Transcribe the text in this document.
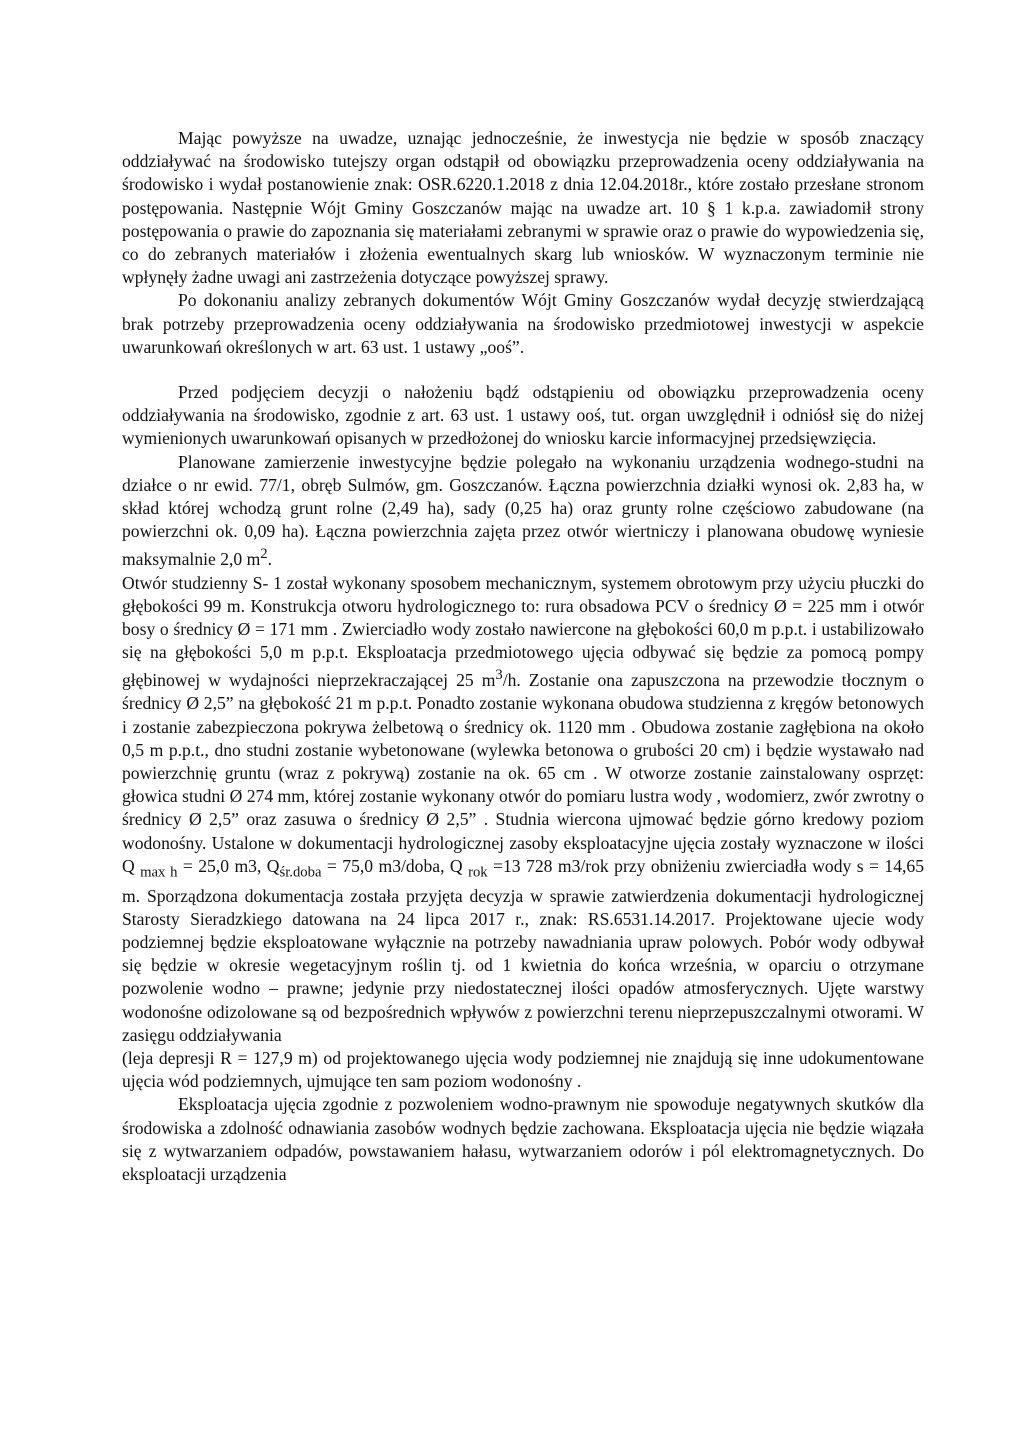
Mając powyższe na uwadze, uznając jednocześnie, że inwestycja nie będzie w sposób znaczący oddziaływać na środowisko tutejszy organ odstąpił od obowiązku przeprowadzenia oceny oddziaływania na środowisko i wydał postanowienie znak: OSR.6220.1.2018 z dnia 12.04.2018r., które zostało przesłane stronom postępowania. Następnie Wójt Gminy Goszczanów mając na uwadze art. 10 § 1 k.p.a. zawiadomił strony postępowania o prawie do zapoznania się materiałami zebranymi w sprawie oraz o prawie do wypowiedzenia się, co do zebranych materiałów i złożenia ewentualnych skarg lub wniosków. W wyznaczonym terminie nie wpłynęły żadne uwagi ani zastrzeżenia dotyczące powyższej sprawy.

Po dokonaniu analizy zebranych dokumentów Wójt Gminy Goszczanów wydał decyzję stwierdzającą brak potrzeby przeprowadzenia oceny oddziaływania na środowisko przedmiotowej inwestycji w aspekcie uwarunkowań określonych w art. 63 ust. 1 ustawy „ooś”.

Przed podjęciem decyzji o nałożeniu bądź odstąpieniu od obowiązku przeprowadzenia oceny oddziaływania na środowisko, zgodnie z art. 63 ust. 1 ustawy ooś, tut. organ uwzględnił i odniósł się do niżej wymienionych uwarunkowań opisanych w przedłożonej do wniosku karcie informacyjnej przedsięwzięcia.

Planowane zamierzenie inwestycyjne będzie polegało na wykonaniu urządzenia wodnego-studni na działce o nr ewid. 77/1, obręb Sulmów, gm. Goszczanów. Łączna powierzchnia działki wynosi ok. 2,83 ha, w skład której wchodzą grunt rolne (2,49 ha), sady (0,25 ha) oraz grunty rolne częściowo zabudowane (na powierzchni ok. 0,09 ha). Łączna powierzchnia zajęta przez otwór wiertniczy i planowana obudowę wyniesie maksymalnie 2,0 $m^2$.

Otwór studzienny S- 1 został wykonany sposobem mechanicznym, systemem obrotowym przy użyciu płuczki do głębokości 99 m. Konstrukcja otworu hydrologicznego to: rura obsadowa PCV o średnicy Ø = 225 mm i otwór bosy o średnicy Ø = 171 mm . Zwierciadło wody zostało nawiercone na głębokości 60,0 m p.p.t. i ustabilizowało się na głębokości 5,0 m p.p.t. Eksploatacja przedmiotowego ujęcia odbywać się będzie za pomocą pompy głębinowej w wydajności nieprzekraczającej 25 $m^3/h$. Zostanie ona zapuszczona na przewodzie tłocznym o średnicy Ø 2,5” na głębokość 21 m p.p.t. Ponadto zostanie wykonana obudowa studzienna z kręgów betonowych i zostanie zabezpieczona pokrywa żelbetową o średnicy ok. 1120 mm . Obudowa zostanie zagłębiona na około 0,5 m p.p.t., dno studni zostanie wybetonowane (wylewka betonowa o grubości 20 cm) i będzie wystawało nad powierzchnię gruntu (wraz z pokrywą) zostanie na ok. 65 cm . W otworze zostanie zainstalowany osprzęt: głowica studni Ø 274 mm, której zostanie wykonany otwór do pomiaru lustra wody , wodomierz, zwór zwrotny o średnicy Ø 2,5” oraz zasuwa o średnicy Ø 2,5” . Studnia wiercona ujmować będzie górno kredowy poziom wodonośny. Ustalone w dokumentacji hydrologicznej zasoby eksploatacyjne ujęcia zostały wyznaczone w ilości Q $_{max h}$ = 25,0 m3, $Q_{śr.doba} = 75,0$ m3/doba, Q $_{rok}$ =13 728 m3/rok przy obniżeniu zwierciadła wody s = 14,65 m. Sporządzona dokumentacja została przyjęta decyzja w sprawie zatwierdzenia dokumentacji hydrologicznej Starosty Sieradzkiego datowana na 24 lipca 2017 r., znak: RS.6531.14.2017. Projektowane ujecie wody podziemnej będzie eksploatowane wyłącznie na potrzeby nawadniania upraw polowych. Pobór wody odbywał się będzie w okresie wegetacyjnym roślin tj. od 1 kwietnia do końca września, w oparciu o otrzymane pozwolenie wodno – prawne; jedynie przy niedostatecznej ilości opadów atmosferycznych. Ujęte warstwy wodonośne odizolowane są od bezpośrednich wpływów z powierzchni terenu nieprzepuszczalnymi otworami. W zasięgu oddziaływania

(leja depresji R = 127,9 m) od projektowanego ujęcia wody podziemnej nie znajdują się inne udokumentowane ujęcia wód podziemnych, ujmujące ten sam poziom wodonośny .

Eksploatacja ujęcia zgodnie z pozwoleniem wodno-prawnym nie spowoduje negatywnych skutków dla środowiska a zdolność odnawiania zasobów wodnych będzie zachowana. Eksploatacja ujęcia nie będzie wiązała się z wytwarzaniem odpadów, powstawaniem hałasu, wytwarzaniem odorów i pól elektromagnetycznych. Do eksploatacji urządzenia
